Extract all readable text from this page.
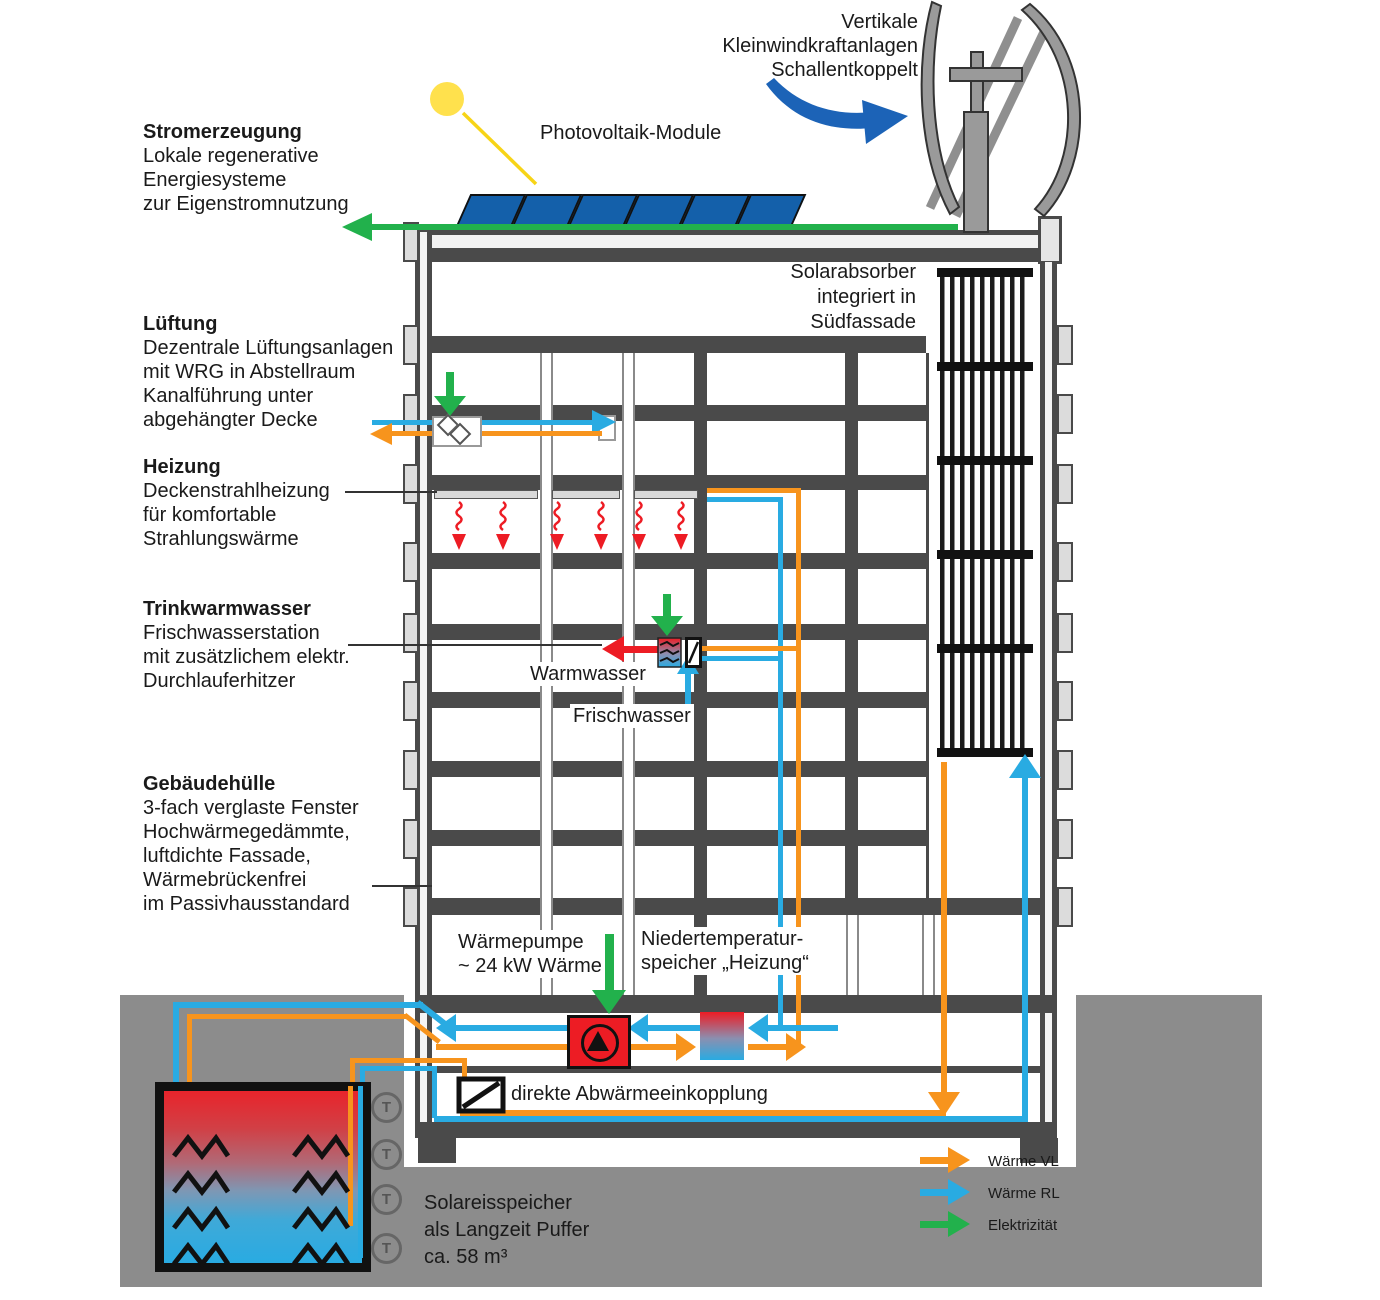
T
T
T
T
Stromerzeugung
Lokale regenerative
Energiesysteme
zur Eigenstromnutzung
Lüftung
Dezentrale Lüftungsanlagen
mit WRG in Abstellraum
Kanalführung unter
abgehängter Decke
Heizung
Deckenstrahlheizung
für komfortable
Strahlungswärme
Trinkwarmwasser
Frischwasserstation
mit zusätzlichem elektr.
Durchlauferhitzer
Gebäudehülle
3-fach verglaste Fenster
Hochwärmegedämmte,
luftdichte Fassade,
Wärmebrückenfrei
im Passivhausstandard
Photovoltaik-Module
Vertikale
Kleinwindkraftanlagen
Schallentkoppelt
Solarabsorber
integriert in
Südfassade
Warmwasser
Frischwasser
Wärmepumpe
~ 24 kW Wärme
Niedertemperatur-
speicher „Heizung“
direkte Abwärmeeinkopplung
Solareisspeicher
als Langzeit Puffer
ca. 58 m³
Wärme VL
Wärme RL
Elektrizität
